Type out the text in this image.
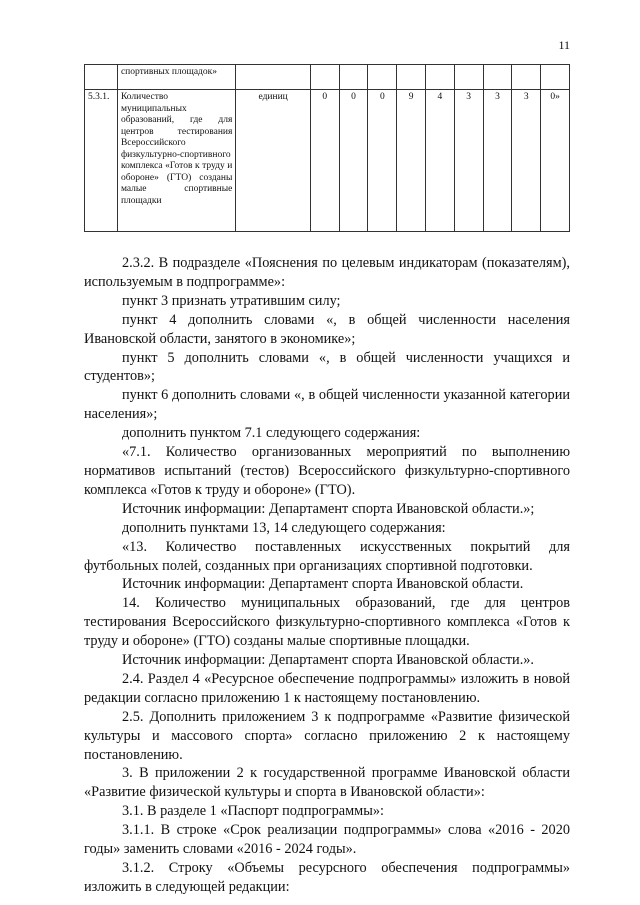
11
	спортивных площадок»										
5.3.1.	Количество муниципальных образований, где для центров тестирования Всероссийского физкультурно-спортивного комплекса «Готов к труду и обороне» (ГТО) созданы малые спортивные площадки	единиц	0	0	0	9	4	3	3	3	0»

2.3.2. В подразделе «Пояснения по целевым индикаторам (показателям), используемым в подпрограмме»:

пункт 3 признать утратившим силу;

пункт 4 дополнить словами «, в общей численности населения Ивановской области, занятого в экономике»;

пункт 5 дополнить словами «, в общей численности учащихся и студентов»;

пункт 6 дополнить словами «, в общей численности указанной категории населения»;

дополнить пунктом 7.1 следующего содержания:

«7.1. Количество организованных мероприятий по выполнению нормативов испытаний (тестов) Всероссийского физкультурно-спортивного комплекса «Готов к труду и обороне» (ГТО).

Источник информации: Департамент спорта Ивановской области.»;

дополнить пунктами 13, 14 следующего содержания:

«13. Количество поставленных искусственных покрытий для футбольных полей, созданных при организациях спортивной подготовки.

Источник информации: Департамент спорта Ивановской области.

14. Количество муниципальных образований, где для центров тестирования Всероссийского физкультурно-спортивного комплекса «Готов к труду и обороне» (ГТО) созданы малые спортивные площадки.

Источник информации: Департамент спорта Ивановской области.».

2.4. Раздел 4 «Ресурсное обеспечение подпрограммы» изложить в новой редакции согласно приложению 1 к настоящему постановлению.

2.5. Дополнить приложением 3 к подпрограмме «Развитие физической культуры и массового спорта» согласно приложению 2 к настоящему постановлению.

3. В приложении 2 к государственной программе Ивановской области «Развитие физической культуры и спорта в Ивановской области»:

3.1. В разделе 1 «Паспорт подпрограммы»:

3.1.1. В строке «Срок реализации подпрограммы» слова «2016 - 2020 годы» заменить словами «2016 - 2024 годы».

3.1.2. Строку «Объемы ресурсного обеспечения подпрограммы» изложить в следующей редакции:
